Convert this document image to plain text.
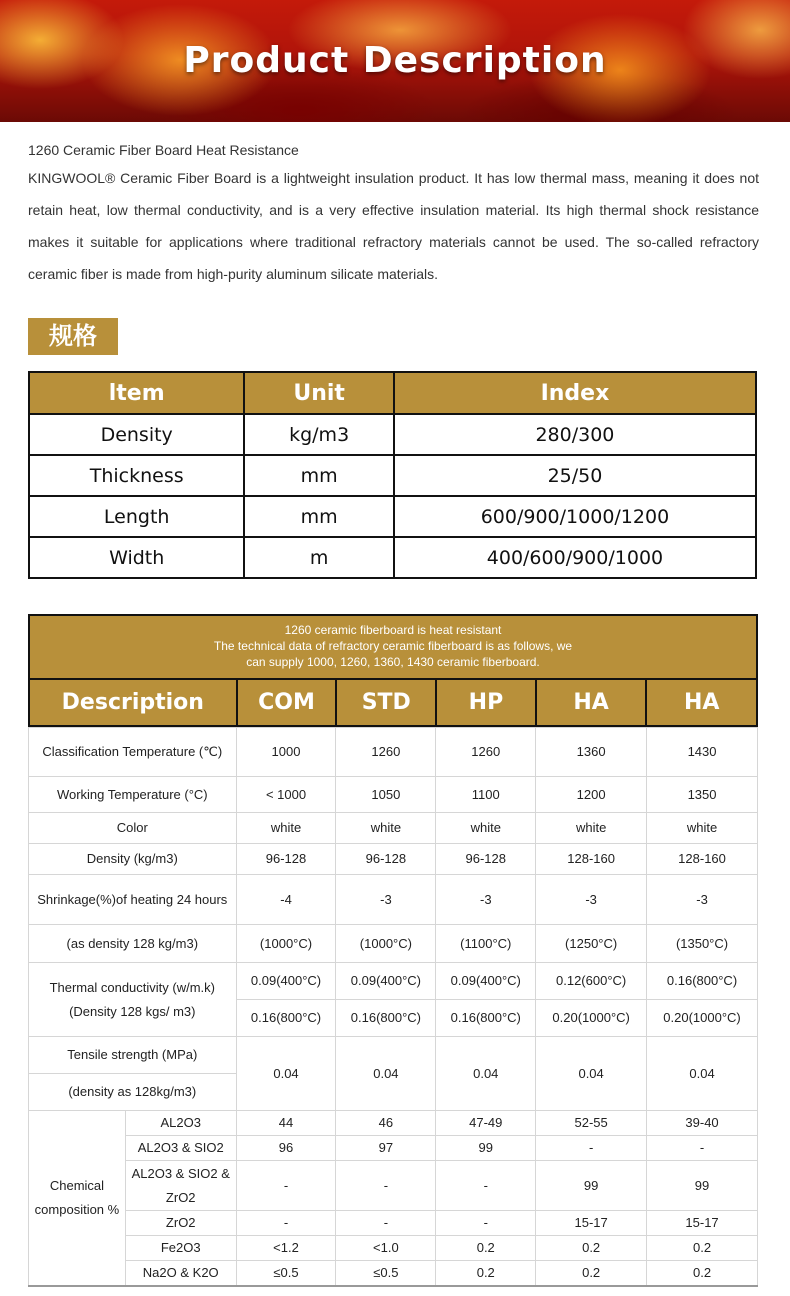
Product Description
1260 Ceramic Fiber Board Heat Resistance
KINGWOOL® Ceramic Fiber Board is a lightweight insulation product. It has low thermal mass, meaning it does not retain heat, low thermal conductivity, and is a very effective insulation material. Its high thermal shock resistance makes it suitable for applications where traditional refractory materials cannot be used. The so-called refractory ceramic fiber is made from high-purity aluminum silicate materials.
规格
ltem	Unit	Index
Density	kg/m3	280/300
Thickness	mm	25/50
Length	mm	600/900/1000/1200
Width	m	400/600/900/1000
1260 ceramic fiberboard is heat resistant
The technical data of refractory ceramic fiberboard is as follows, we
can supply 1000, 1260, 1360, 1430 ceramic fiberboard.
Description	COM	STD	HP	HA	HA
Classification Temperature (℃)		1000	1260	1260	1360	1430
Working Temperature (°C)		< 1000	1050	1100	1200	1350
Color		white	white	white	white	white
Density (kg/m3)		96-128	96-128	96-128	128-160	128-160
Shrinkage(%)of heating 24 hours		-4	-3	-3	-3	-3
(as density 128 kg/m3)		(1000°C)	(1000°C)	(1100°C)	(1250°C)	(1350°C)
Thermal conductivity (w/m.k)(Density 128 kgs/ m3)		0.09(400°C)	0.09(400°C)	0.09(400°C)	0.12(600°C)	0.16(800°C)
		0.16(800°C)	0.16(800°C)	0.16(800°C)	0.20(1000°C)	0.20(1000°C)
Tensile strength (MPa)		0.04	0.04	0.04	0.04	0.04
(density as 128kg/m3)						
Chemical composition %	AL2O3	44	46	47-49	52-55	39-40
	AL2O3 & SIO2	96	97	99	-	-
	AL2O3 & SIO2 & ZrO2	-	-	-	99	99
	ZrO2	-	-	-	15-17	15-17
	Fe2O3	<1.2	<1.0	0.2	0.2	0.2
	Na2O & K2O	≤0.5	≤0.5	0.2	0.2	0.2
